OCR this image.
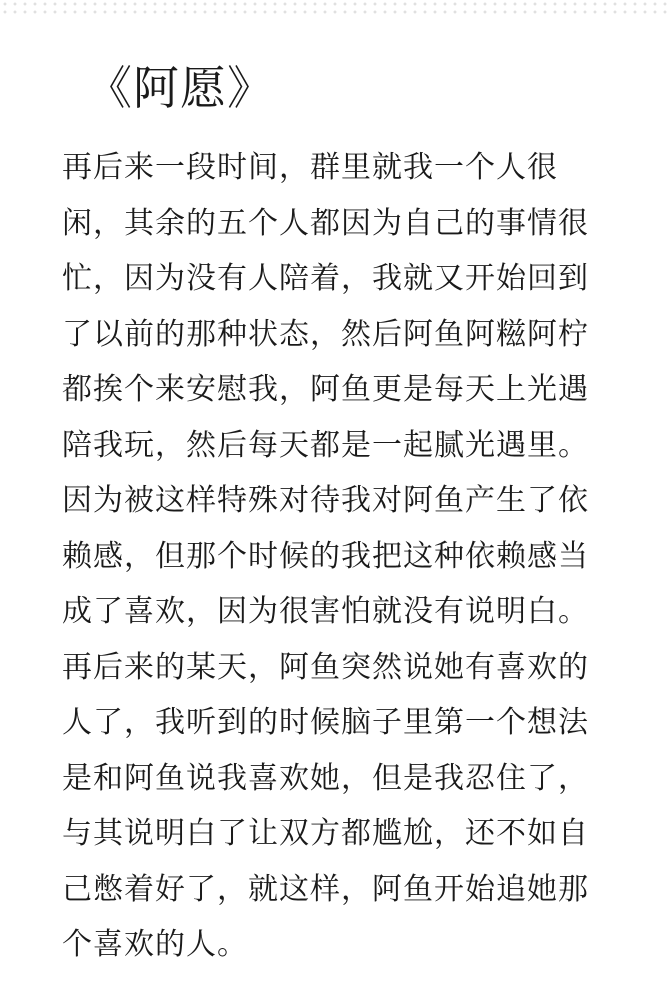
《阿愿》
再后来一段时间，群里就我一个人很
闲，其余的五个人都因为自己的事情很
忙，因为没有人陪着，我就又开始回到
了以前的那种状态，然后阿鱼阿糍阿柠
都挨个来安慰我，阿鱼更是每天上光遇
陪我玩，然后每天都是一起腻光遇里。
因为被这样特殊对待我对阿鱼产生了依
赖感，但那个时候的我把这种依赖感当
成了喜欢，因为很害怕就没有说明白。
再后来的某天，阿鱼突然说她有喜欢的
人了，我听到的时候脑子里第一个想法
是和阿鱼说我喜欢她，但是我忍住了，
与其说明白了让双方都尴尬，还不如自
己憋着好了，就这样，阿鱼开始追她那
个喜欢的人。
